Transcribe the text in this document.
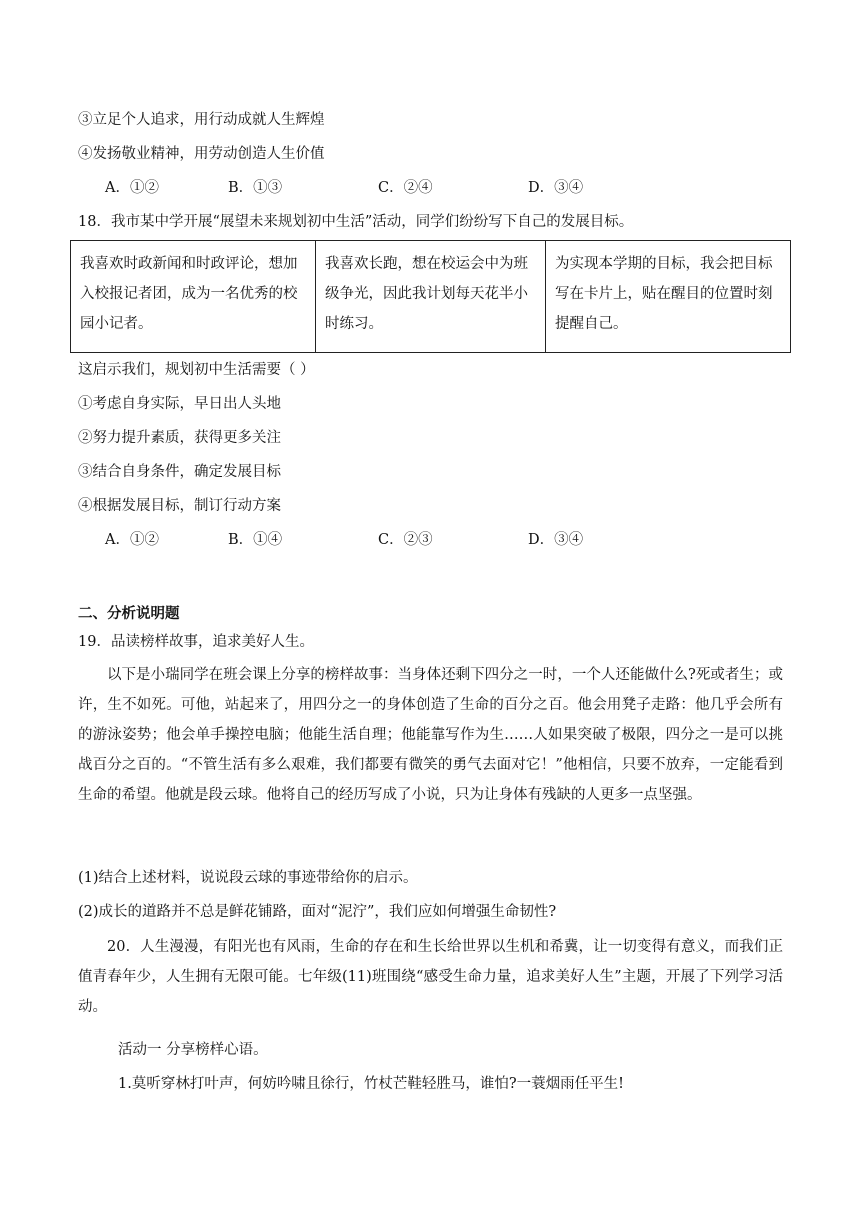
③立足个人追求，用行动成就人生辉煌
④发扬敬业精神，用劳动创造人生价值
A．①②	B．①③	C．②④	D．③④
18．我市某中学开展“展望未来规划初中生活”活动，同学们纷纷写下自己的发展目标。
我喜欢时政新闻和时政评论，想加入校报记者团，成为一名优秀的校园小记者。	我喜欢长跑，想在校运会中为班级争光，因此我计划每天花半小时练习。	为实现本学期的目标，我会把目标写在卡片上，贴在醒目的位置时刻提醒自己。
这启示我们，规划初中生活需要（ ）
①考虑自身实际，早日出人头地
②努力提升素质，获得更多关注
③结合自身条件，确定发展目标
④根据发展目标，制订行动方案
A．①②	B．①④	C．②③	D．③④
二、分析说明题
19．品读榜样故事，追求美好人生。
以下是小瑞同学在班会课上分享的榜样故事：当身体还剩下四分之一时，一个人还能做什么?死或者生；或许，生不如死。可他，站起来了，用四分之一的身体创造了生命的百分之百。他会用凳子走路：他几乎会所有的游泳姿势；他会单手操控电脑；他能生活自理；他能靠写作为生……人如果突破了极限，四分之一是可以挑战百分之百的。“不管生活有多么艰难，我们都要有微笑的勇气去面对它！”他相信，只要不放弃，一定能看到生命的希望。他就是段云球。他将自己的经历写成了小说，只为让身体有残缺的人更多一点坚强。
(1)结合上述材料，说说段云球的事迹带给你的启示。
(2)成长的道路并不总是鲜花铺路，面对“泥泞”，我们应如何增强生命韧性?
20．人生漫漫，有阳光也有风雨，生命的存在和生长给世界以生机和希冀，让一切变得有意义，而我们正值青春年少，人生拥有无限可能。七年级(11)班围绕“感受生命力量，追求美好人生”主题，开展了下列学习活动。
活动一 分享榜样心语。
1.莫听穿林打叶声，何妨吟啸且徐行，竹杖芒鞋轻胜马，谁怕?一蓑烟雨任平生!
